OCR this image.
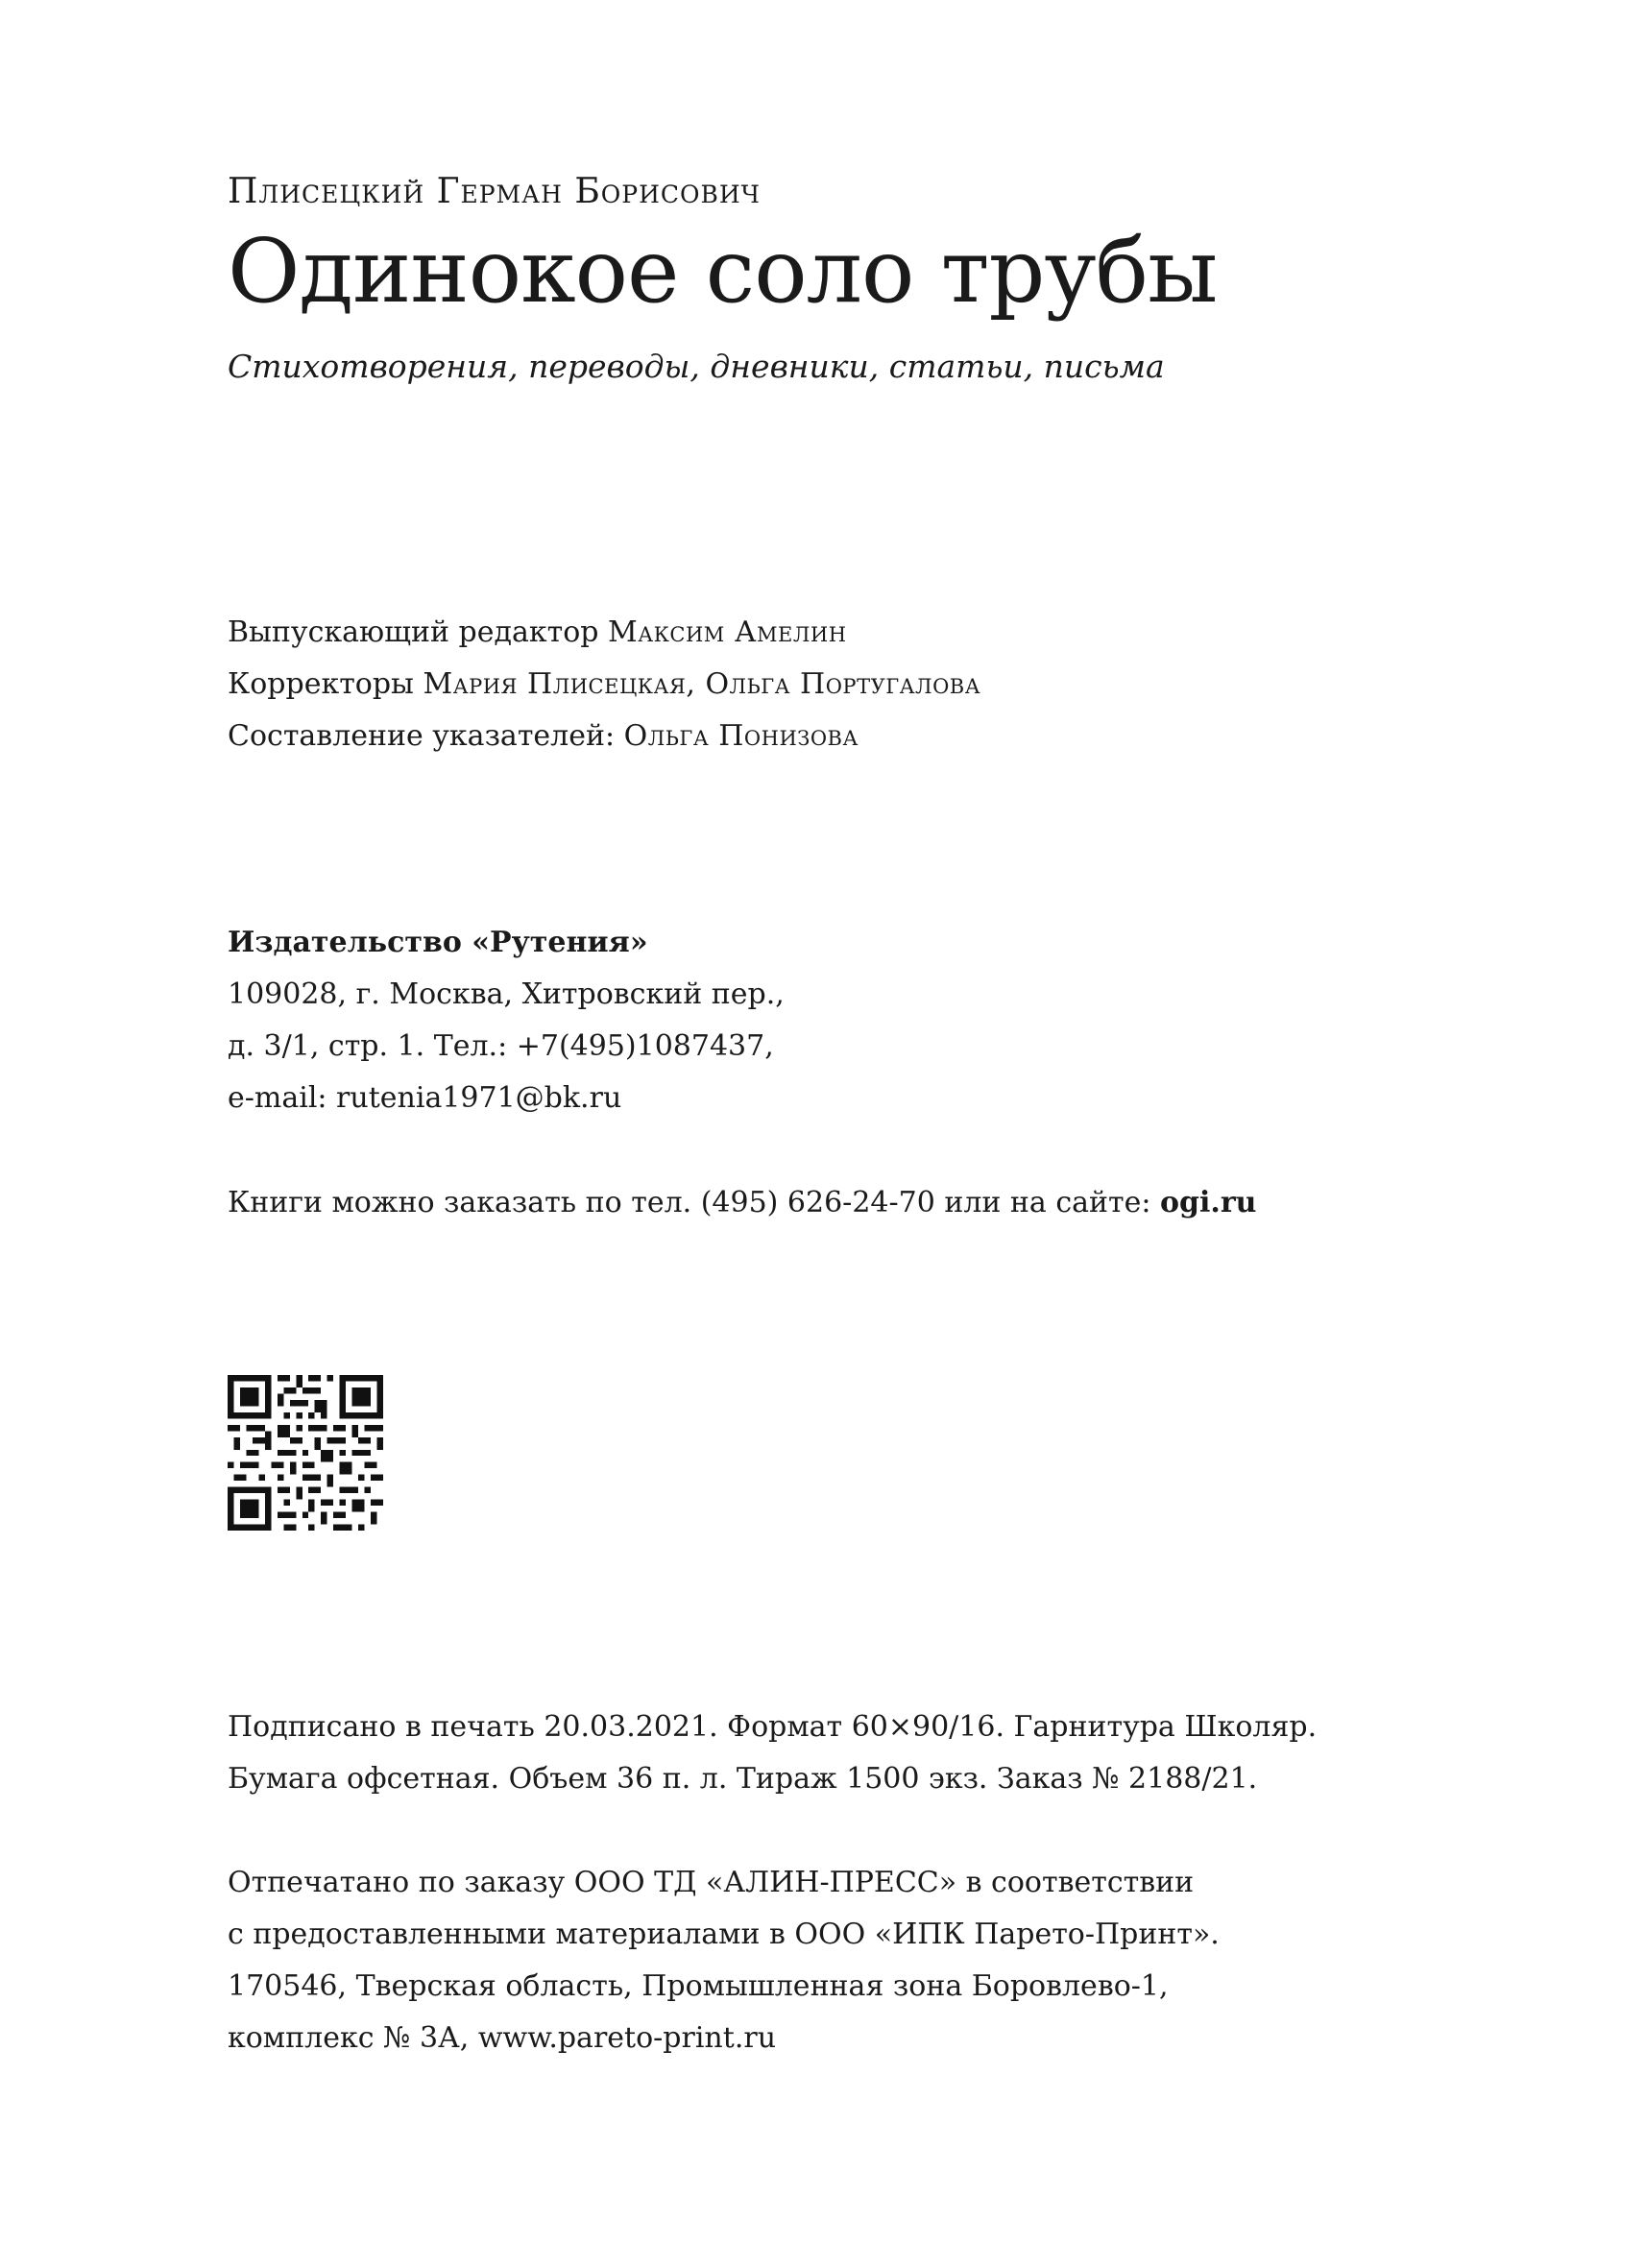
Плисецкий Герман Борисович
Одинокое соло трубы
Стихотворения, переводы, дневники, статьи, письма
Выпускающий редактор Максим Амелин
Корректоры Мария Плисецкая, Ольга Португалова
Составление указателей: Ольга Понизова
Издательство «Рутения»
109028, г. Москва, Хитровский пер.,
д. 3/1, стр. 1. Тел.: +7(495)1087437,
e-mail: rutenia1971@bk.ru
Книги можно заказать по тел. (495) 626-24-70 или на сайте: ogi.ru
Подписано в печать 20.03.2021. Формат 60×90/16. Гарнитура Школяр.
Бумага офсетная. Объем 36 п. л. Тираж 1500 экз. Заказ № 2188/21.
Отпечатано по заказу ООО ТД «АЛИН-ПРЕСС» в соответствии
с предоставленными материалами в ООО «ИПК Парето-Принт».
170546, Тверская область, Промышленная зона Боровлево-1,
комплекс № 3А, www.pareto-print.ru
